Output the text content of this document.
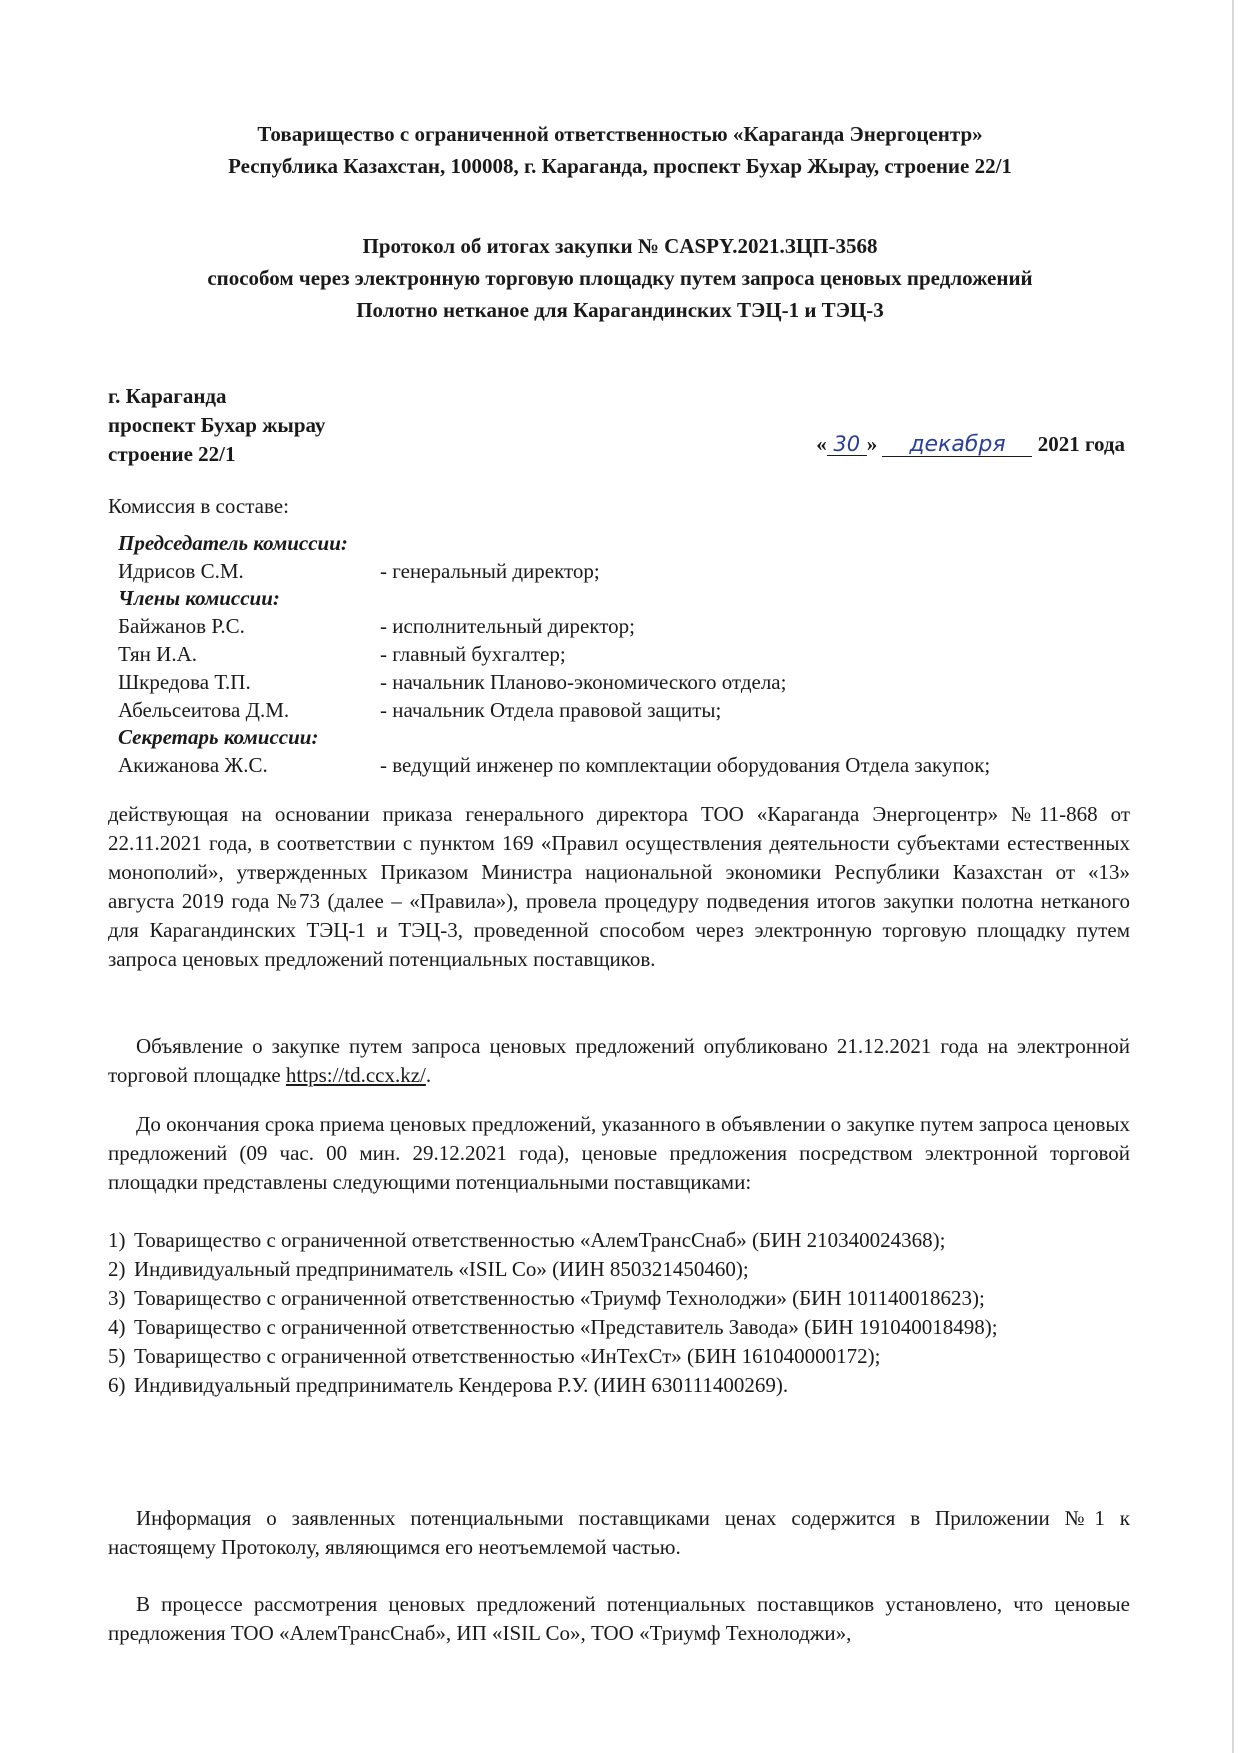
Товарищество с ограниченной ответственностью «Караганда Энергоцентр»
Республика Казахстан, 100008, г. Караганда, проспект Бухар Жырау, строение 22/1
Протокол об итогах закупки № CASPY.2021.ЗЦП-3568
способом через электронную торговую площадку путем запроса ценовых предложений
Полотно нетканое для Карагандинских ТЭЦ-1 и ТЭЦ-3
г. Караганда
проспект Бухар жырау
строение 22/1	« 30 » декабря 2021 года
Комиссия в составе:
Председатель комиссии:
Идрисов С.М.	- генеральный директор;
Члены комиссии:
Байжанов Р.С.	- исполнительный директор;
Тян И.А.	- главный бухгалтер;
Шкредова Т.П.	- начальник Планово-экономического отдела;
Абельсеитова Д.М.	- начальник Отдела правовой защиты;
Секретарь комиссии:
Акижанова Ж.С.	- ведущий инженер по комплектации оборудования Отдела закупок;

действующая на основании приказа генерального директора ТОО «Караганда Энергоцентр» №11-868 от 22.11.2021 года, в соответствии с пунктом 169 «Правил осуществления деятельности субъектами естественных монополий», утвержденных Приказом Министра национальной экономики Республики Казахстан от «13» августа 2019 года №73 (далее – «Правила»), провела процедуру подведения итогов закупки полотна нетканого для Карагандинских ТЭЦ-1 и ТЭЦ-3, проведенной способом через электронную торговую площадку путем запроса ценовых предложений потенциальных поставщиков.

Объявление о закупке путем запроса ценовых предложений опубликовано 21.12.2021 года на электронной торговой площадке https://td.ccx.kz/.

До окончания срока приема ценовых предложений, указанного в объявлении о закупке путем запроса ценовых предложений (09 час. 00 мин. 29.12.2021 года), ценовые предложения посредством электронной торговой площадки представлены следующими потенциальными поставщиками:

1) Товарищество с ограниченной ответственностью «АлемТрансСнаб» (БИН 210340024368);
2) Индивидуальный предприниматель «ISIL Co» (ИИН 850321450460);
3) Товарищество с ограниченной ответственностью «Триумф Технолоджи» (БИН 101140018623);
4) Товарищество с ограниченной ответственностью «Представитель Завода» (БИН 191040018498);
5) Товарищество с ограниченной ответственностью «ИнТехСт» (БИН 161040000172);
6) Индивидуальный предприниматель Кендерова Р.У. (ИИН 630111400269).

Информация о заявленных потенциальными поставщиками ценах содержится в Приложении №1 к настоящему Протоколу, являющимся его неотъемлемой частью.

В процессе рассмотрения ценовых предложений потенциальных поставщиков установлено, что ценовые предложения ТОО «АлемТрансСнаб», ИП «ISIL Co», ТОО «Триумф Технолоджи»,
